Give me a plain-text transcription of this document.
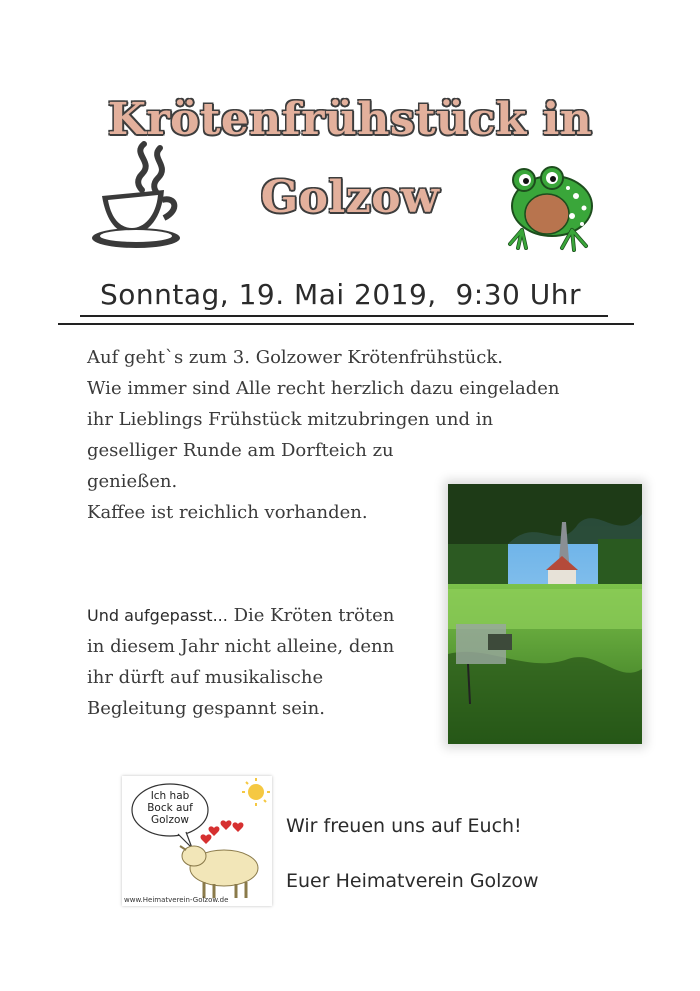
Krötenfrühstück in
Golzow
Sonntag, 19. Mai 2019,  9:30 Uhr
Auf geht`s zum 3. Golzower Krötenfrühstück.
Wie immer sind Alle recht herzlich dazu eingeladen
ihr Lieblings Frühstück mitzubringen und in
geselliger Runde am Dorfteich zu
genießen.
Kaffee ist reichlich vorhanden.
Und aufgepasst... Die Kröten tröten
in diesem Jahr nicht alleine, denn
ihr dürft auf musikalische
Begleitung gespannt sein.
Ich hab
Bock auf
Golzow
www.Heimatverein-Golzow.de
Wir freuen uns auf Euch!
Euer Heimatverein Golzow
